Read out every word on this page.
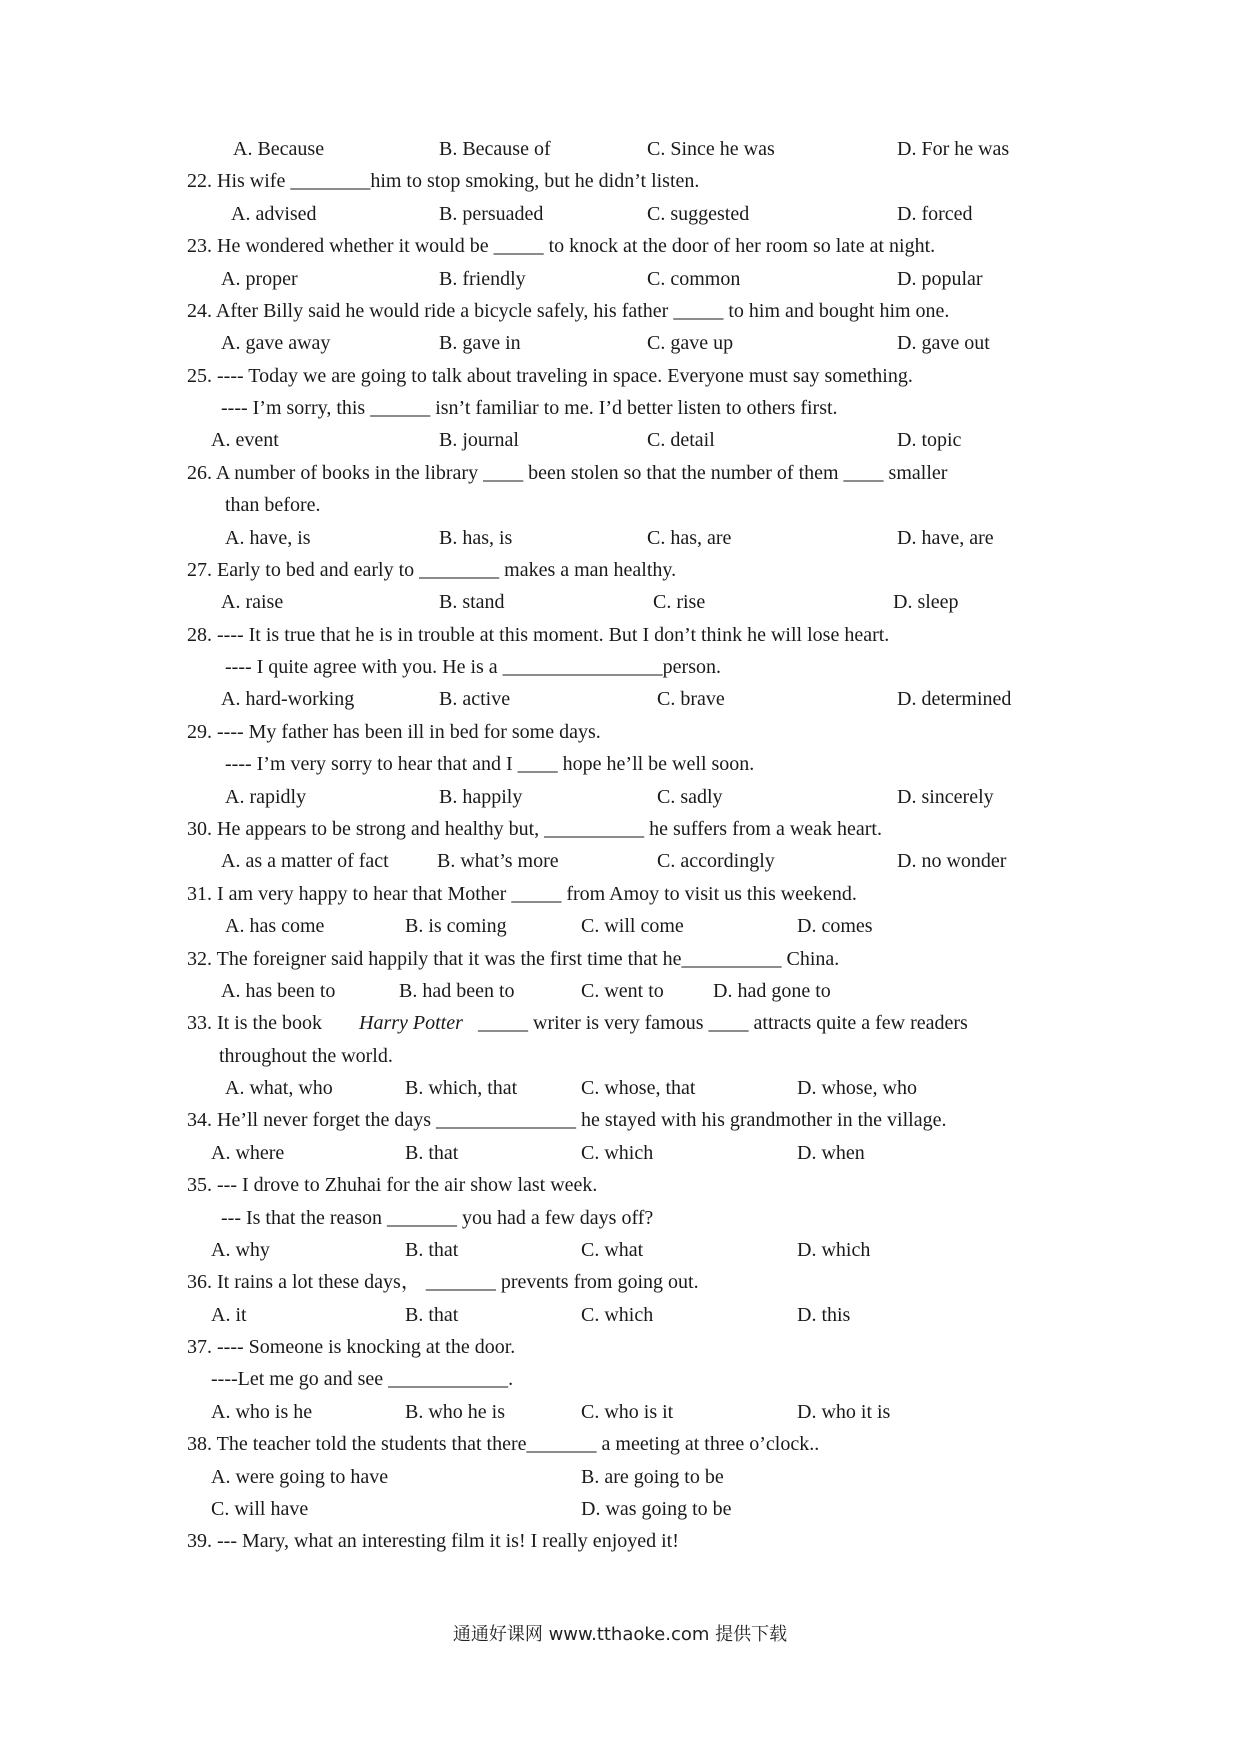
A. Because	B. Because of	C. Since he was	D. For he was
22. His wife ________him to stop smoking, but he didn’t listen.
A. advised	B. persuaded	C. suggested	D. forced
23. He wondered whether it would be _____ to knock at the door of her room so late at night.
A. proper	B. friendly	C. common	D. popular
24. After Billy said he would ride a bicycle safely, his father _____ to him and bought him one.
A. gave away	B. gave in	C. gave up	D. gave out
25. ---- Today we are going to talk about traveling in space. Everyone must say something.
---- I’m sorry, this ______ isn’t familiar to me. I’d better listen to others first.
A. event	B. journal	C. detail	D. topic
26. A number of books in the library ____ been stolen so that the number of them ____ smaller
than before.
A. have, is	B. has, is	C. has, are	D. have, are
27. Early to bed and early to ________ makes a man healthy.
A. raise	B. stand	C. rise	D. sleep
28. ---- It is true that he is in trouble at this moment. But I don’t think he will lose heart.
---- I quite agree with you. He is a ________________person.
A. hard-working	B. active	C. brave	D. determined
29. ---- My father has been ill in bed for some days.
---- I’m very sorry to hear that and I ____ hope he’ll be well soon.
A. rapidly	B. happily	C. sadly	D. sincerely
30. He appears to be strong and healthy but, __________ he suffers from a weak heart.
A. as a matter of fact B. what’s more	C. accordingly	D. no wonder
31. I am very happy to hear that Mother _____ from Amoy to visit us this weekend.
A. has come	B. is coming	C. will come	D. comes
32. The foreigner said happily that it was the first time that he__________ China.
A. has been to	B. had been to	C. went to D. had gone to
33. It is the book Harry Potter _____ writer is very famous ____ attracts quite a few readers
throughout the world.
A. what, who	B. which, that	C. whose, that	D. whose, who
34. He’ll never forget the days ______________ he stayed with his grandmother in the village.
A. where	B. that	C. which	D. when
35. --- I drove to Zhuhai for the air show last week.
--- Is that the reason _______ you had a few days off?
A. why	B. that	C. what	D. which
36. It rains a lot these days， _______ prevents from going out.
A. it	B. that	C. which	D. this
37. ---- Someone is knocking at the door.
----Let me go and see ____________.
A. who is he	B. who he is	C. who is it	D. who it is
38. The teacher told the students that there_______ a meeting at three o’clock..
A. were going to have	B. are going to be
C. will have	D. was going to be
39. --- Mary, what an interesting film it is! I really enjoyed it!
通通好课网 www.tthaoke.com 提供下载
